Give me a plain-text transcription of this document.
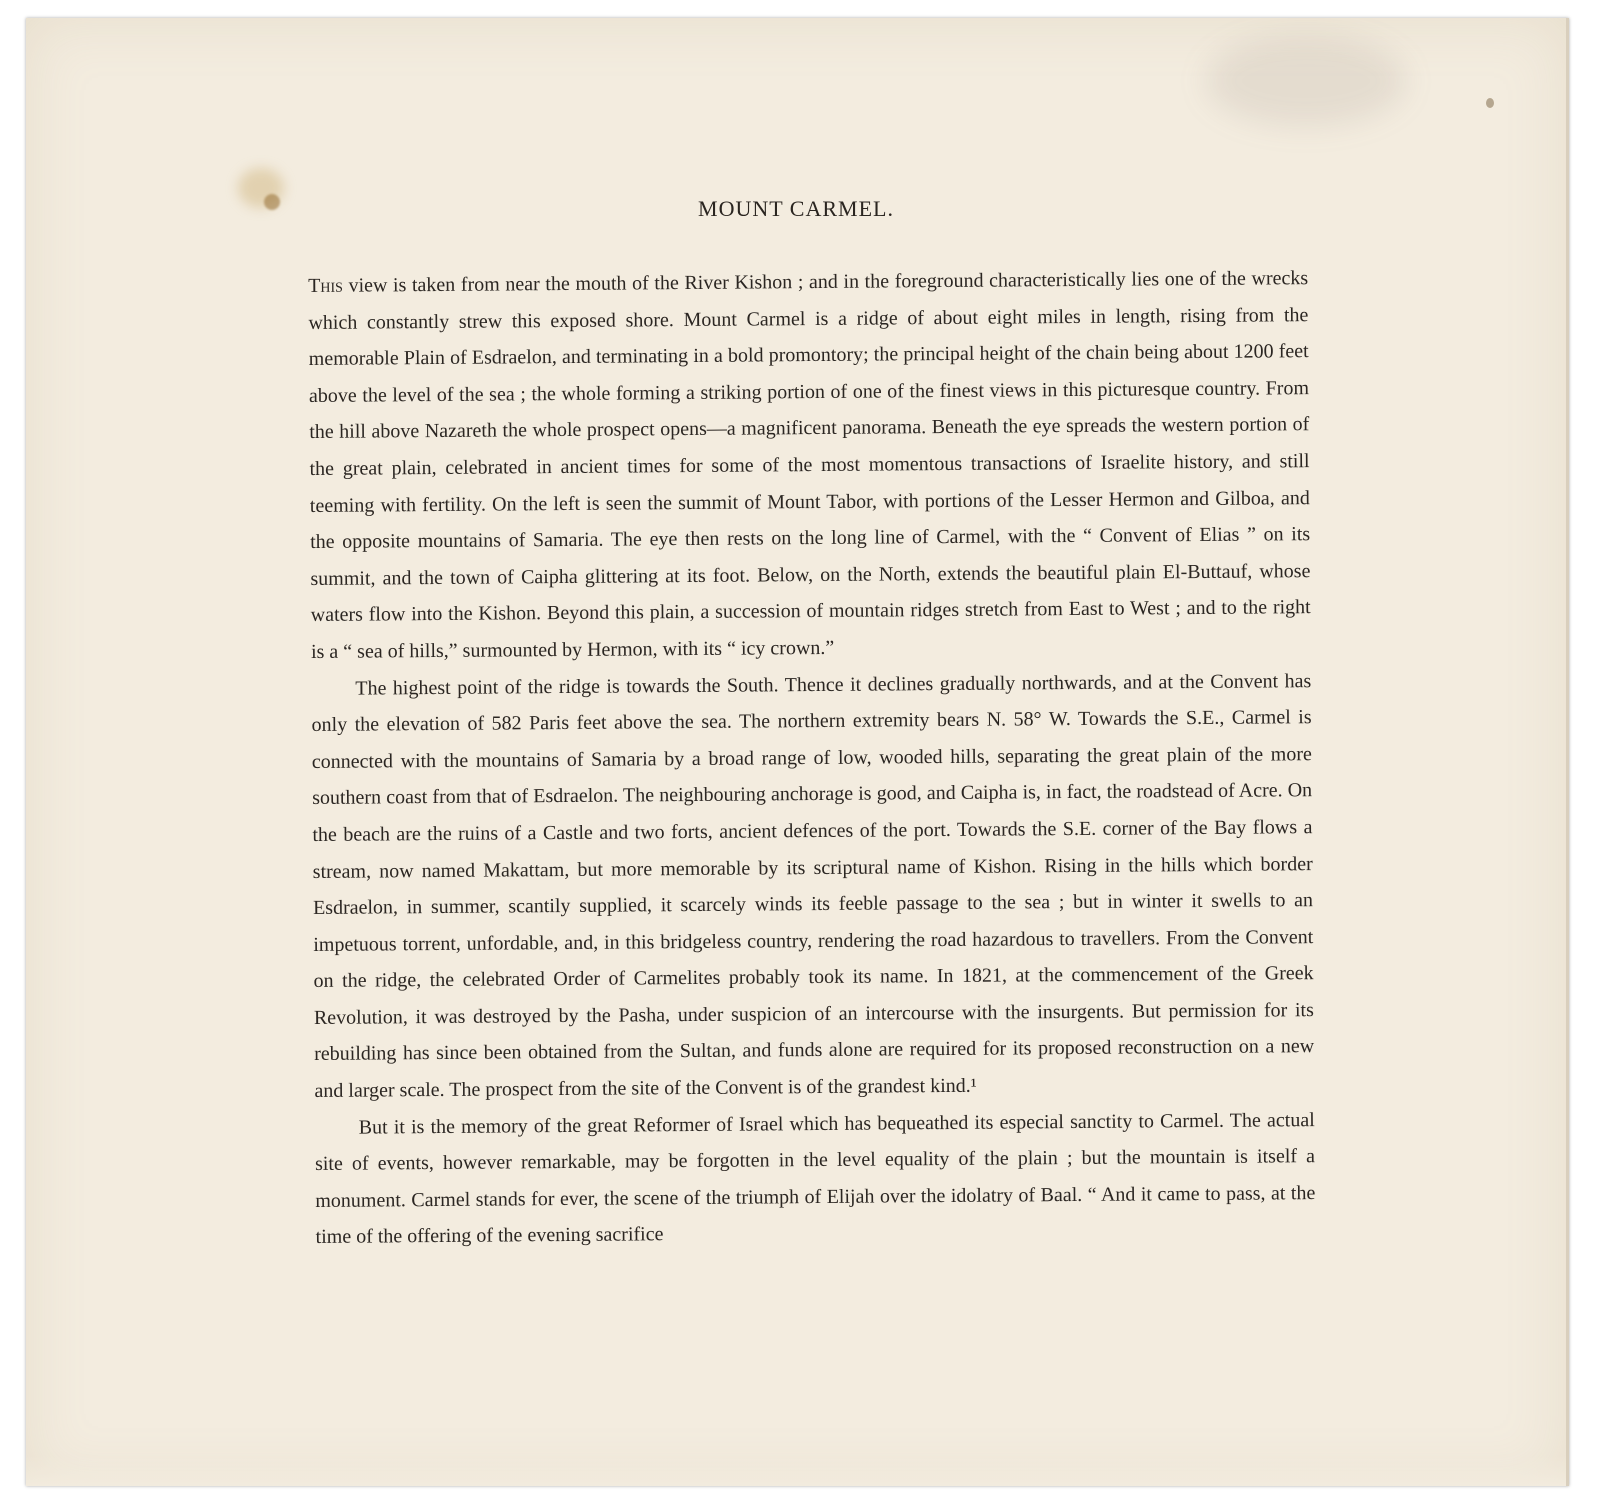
MOUNT CARMEL.

This view is taken from near the mouth of the River Kishon ; and in the foreground characteristically lies one of the wrecks which constantly strew this exposed shore. Mount Carmel is a ridge of about eight miles in length, rising from the memorable Plain of Esdraelon, and terminating in a bold promontory; the principal height of the chain being about 1200 feet above the level of the sea ; the whole forming a striking portion of one of the finest views in this picturesque country. From the hill above Nazareth the whole prospect opens—a magnificent panorama. Beneath the eye spreads the western portion of the great plain, celebrated in ancient times for some of the most momentous transactions of Israelite history, and still teeming with fertility. On the left is seen the summit of Mount Tabor, with portions of the Lesser Hermon and Gilboa, and the opposite mountains of Samaria. The eye then rests on the long line of Carmel, with the “ Convent of Elias ” on its summit, and the town of Caipha glittering at its foot. Below, on the North, extends the beautiful plain El-Buttauf, whose waters flow into the Kishon. Beyond this plain, a succession of mountain ridges stretch from East to West ; and to the right is a “ sea of hills,” surmounted by Hermon, with its “ icy crown.”

The highest point of the ridge is towards the South. Thence it declines gradually northwards, and at the Convent has only the elevation of 582 Paris feet above the sea. The northern extremity bears N. 58° W. Towards the S.E., Carmel is connected with the mountains of Samaria by a broad range of low, wooded hills, separating the great plain of the more southern coast from that of Esdraelon. The neighbouring anchorage is good, and Caipha is, in fact, the roadstead of Acre. On the beach are the ruins of a Castle and two forts, ancient defences of the port. Towards the S.E. corner of the Bay flows a stream, now named Makattam, but more memorable by its scriptural name of Kishon. Rising in the hills which border Esdraelon, in summer, scantily supplied, it scarcely winds its feeble passage to the sea ; but in winter it swells to an impetuous torrent, unfordable, and, in this bridgeless country, rendering the road hazardous to travellers. From the Convent on the ridge, the celebrated Order of Carmelites probably took its name. In 1821, at the commencement of the Greek Revolution, it was destroyed by the Pasha, under suspicion of an intercourse with the insurgents. But permission for its rebuilding has since been obtained from the Sultan, and funds alone are required for its proposed reconstruction on a new and larger scale. The prospect from the site of the Convent is of the grandest kind.¹

But it is the memory of the great Reformer of Israel which has bequeathed its especial sanctity to Carmel. The actual site of events, however remarkable, may be forgotten in the level equality of the plain ; but the mountain is itself a monument. Carmel stands for ever, the scene of the triumph of Elijah over the idolatry of Baal. “ And it came to pass, at the time of the offering of the evening sacrifice
